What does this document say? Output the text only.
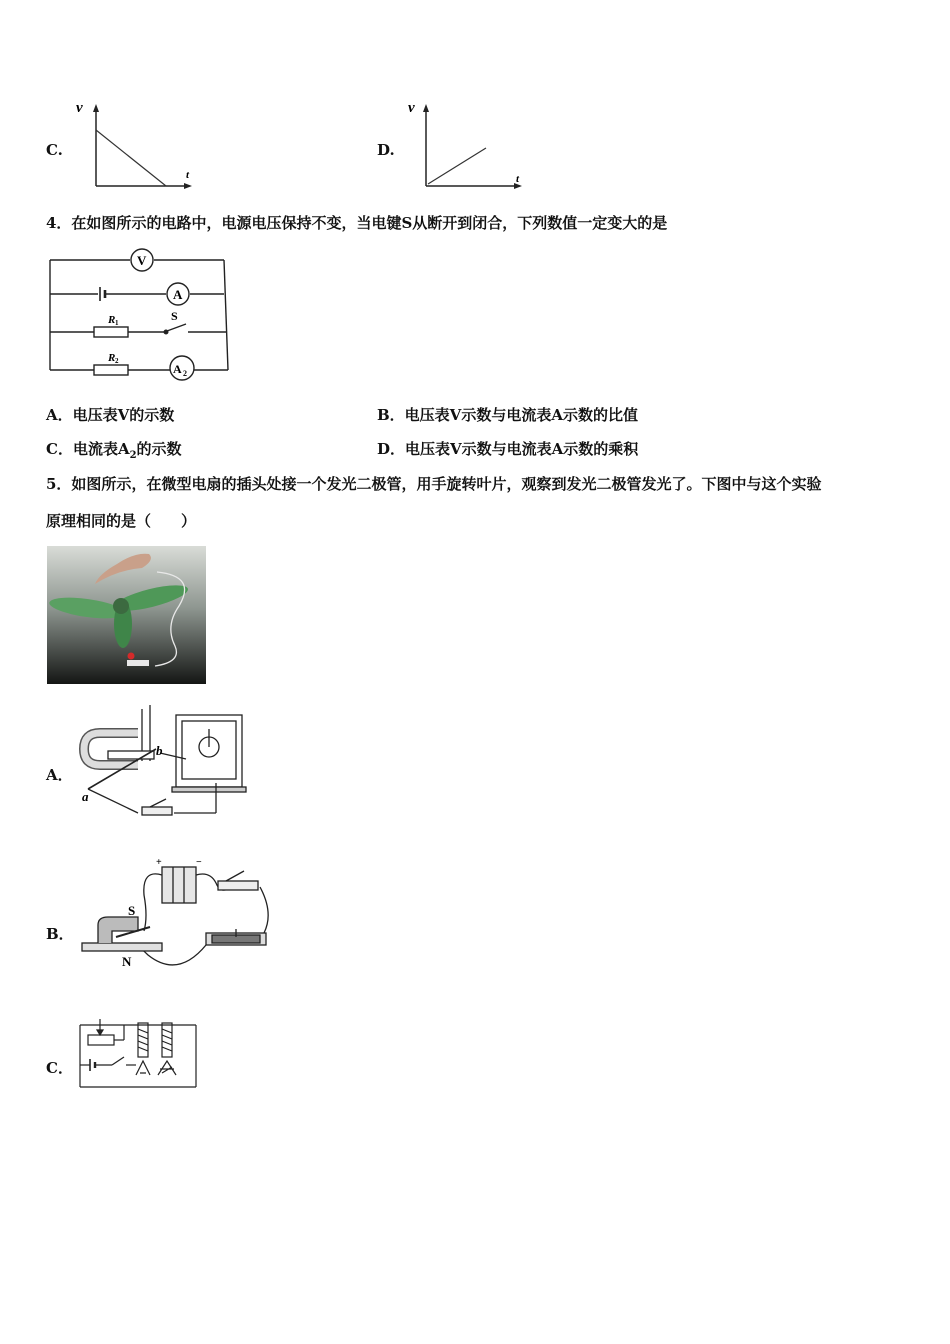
C.
v
t
D.
v
t
4．在如图所示的电路中，电源电压保持不变，当电键S从断开到闭合，下列数值一定变大的是
V
A
A 2
S
R 1
R 2
A．电压表V的示数	B．电压表V示数与电流表A示数的比值
C．电流表$A_2$的示数	D．电压表V示数与电流表A示数的乘积
5．如图所示，在微型电扇的插头处接一个发光二极管，用手旋转叶片，观察到发光二极管发光了。下图中与这个实验
原理相同的是（　　）
A．
a
b
B．
S
N
+	−
C．
